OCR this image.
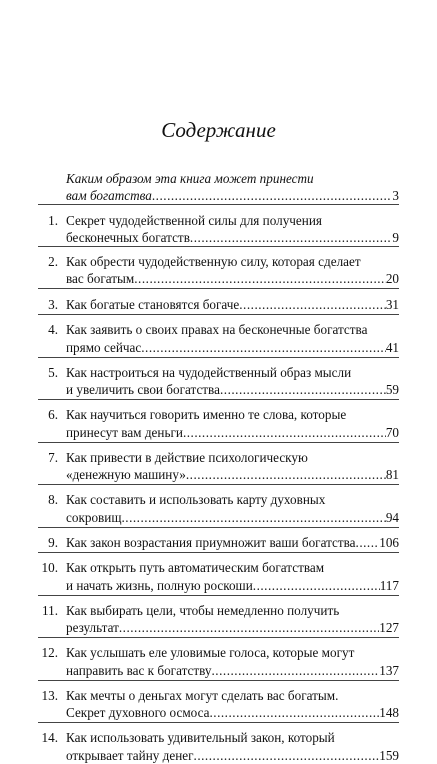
Содержание
Каким образом эта книга может принести
вам богатства .....	3
1. Секрет чудодейственной силы для получения
бесконечных богатств .....	9
2. Как обрести чудодейственную силу, которая сделает
вас богатым .....	20
3. Как богатые становятся богаче .....	31
4. Как заявить о своих правах на бесконечные богатства
прямо сейчас .....	41
5. Как настроиться на чудодейственный образ мысли
и увеличить свои богатства .....	59
6. Как научиться говорить именно те слова, которые
принесут вам деньги .....	70
7. Как привести в действие психологическую
«денежную машину» .....	81
8. Как составить и использовать карту духовных
сокровищ .....	94
9. Как закон возрастания приумножит ваши богатства ..... 106
10. Как открыть путь автоматическим богатствам
и начать жизнь, полную роскоши .....	117
11. Как выбирать цели, чтобы немедленно получить
результат .....	127
12. Как услышать еле уловимые голоса, которые могут
направить вас к богатству .....	137
13. Как мечты о деньгах могут сделать вас богатым.
Секрет духовного осмоса .....	148
14. Как использовать удивительный закон, который
открывает тайну денег .....	159
